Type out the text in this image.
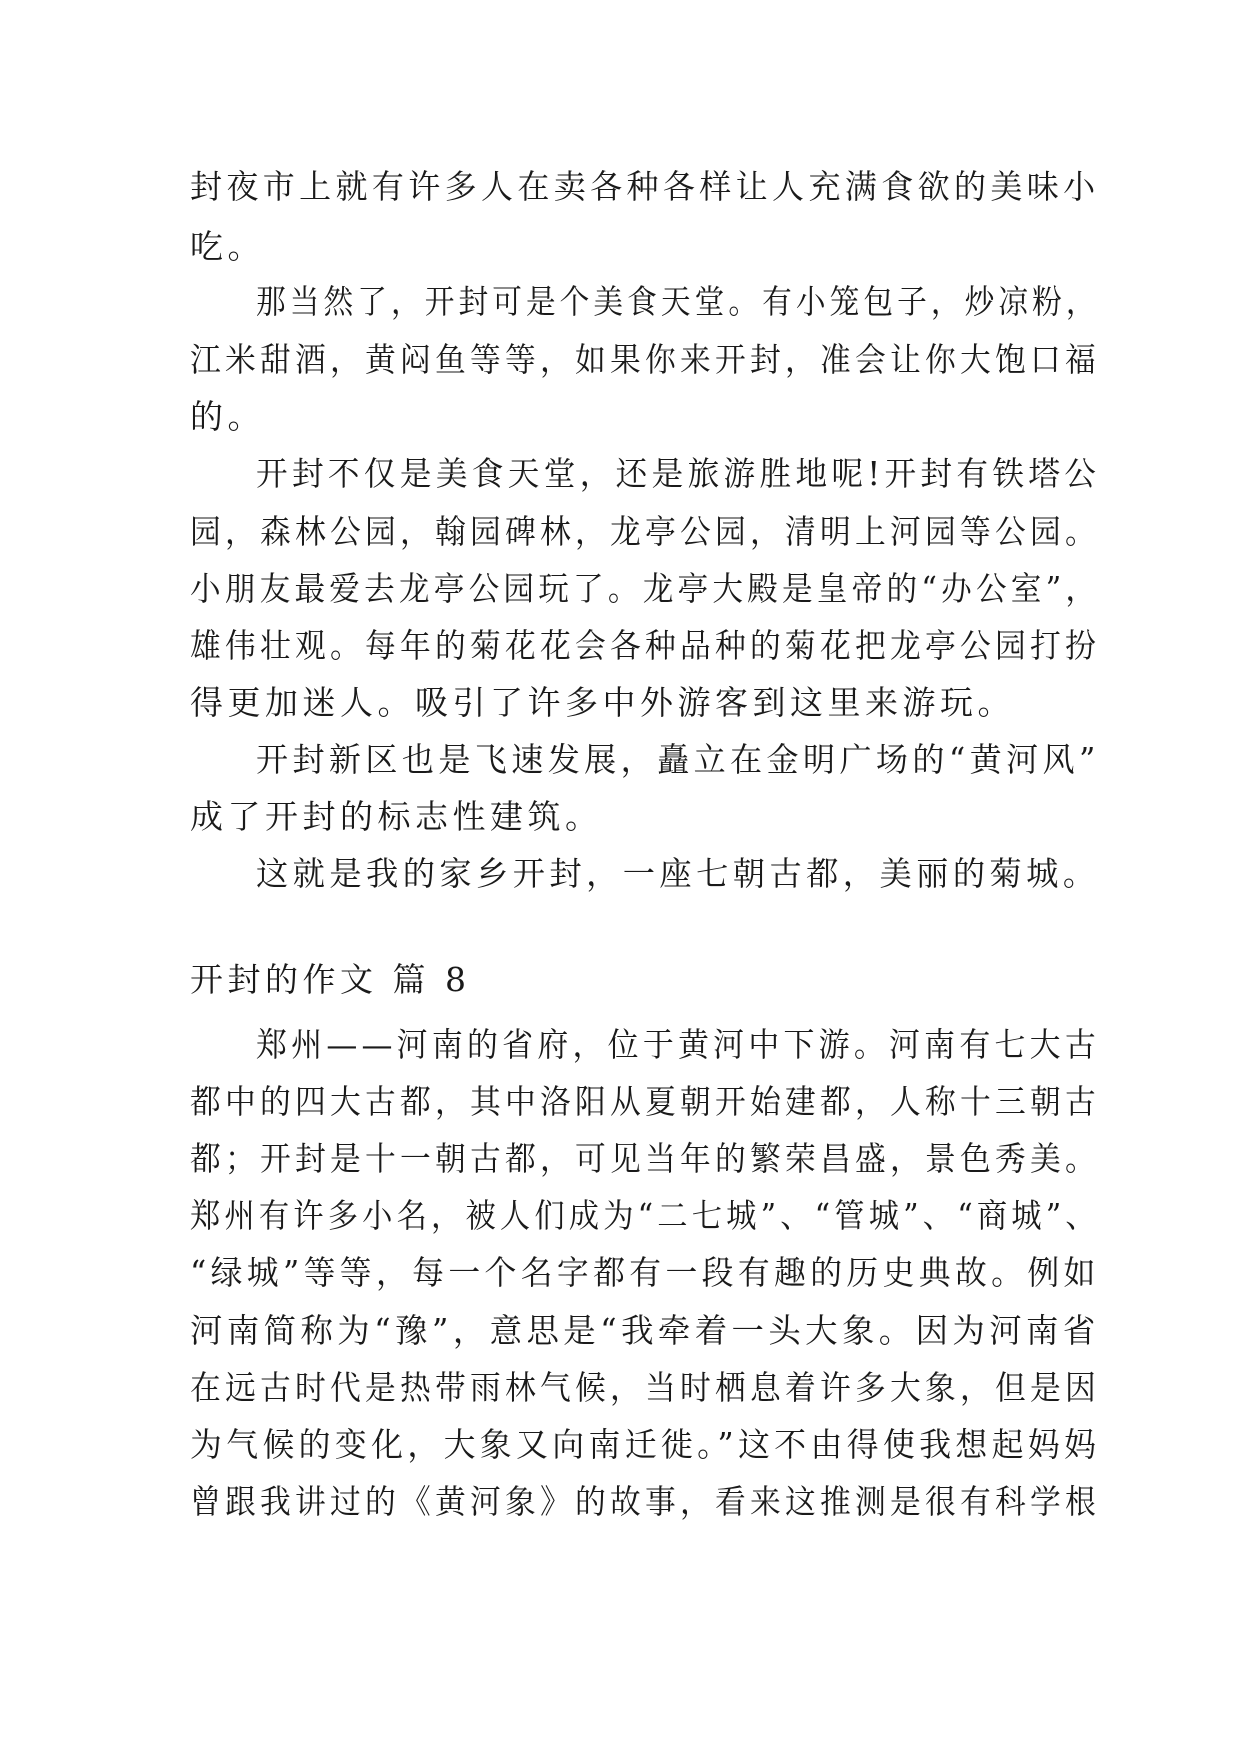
封夜市上就有许多人在卖各种各样让人充满食欲的美味小
吃。
那当然了，开封可是个美食天堂。有小笼包子，炒凉粉，
江米甜酒，黄闷鱼等等，如果你来开封，准会让你大饱口福
的。
开封不仅是美食天堂，还是旅游胜地呢!开封有铁塔公
园，森林公园，翰园碑林，龙亭公园，清明上河园等公园。
小朋友最爱去龙亭公园玩了。龙亭大殿是皇帝的“办公室”，
雄伟壮观。每年的菊花花会各种品种的菊花把龙亭公园打扮
得更加迷人。吸引了许多中外游客到这里来游玩。
开封新区也是飞速发展，矗立在金明广场的“黄河风”
成了开封的标志性建筑。
这就是我的家乡开封，一座七朝古都，美丽的菊城。
开封的作文 篇 8
郑州——河南的省府，位于黄河中下游。河南有七大古
都中的四大古都，其中洛阳从夏朝开始建都，人称十三朝古
都；开封是十一朝古都，可见当年的繁荣昌盛，景色秀美。
郑州有许多小名，被人们成为“二七城”、“管城”、“商城”、
“绿城”等等，每一个名字都有一段有趣的历史典故。例如
河南简称为“豫”，意思是“我牵着一头大象。因为河南省
在远古时代是热带雨林气候，当时栖息着许多大象，但是因
为气候的变化，大象又向南迁徙。”这不由得使我想起妈妈
曾跟我讲过的《黄河象》的故事，看来这推测是很有科学根
